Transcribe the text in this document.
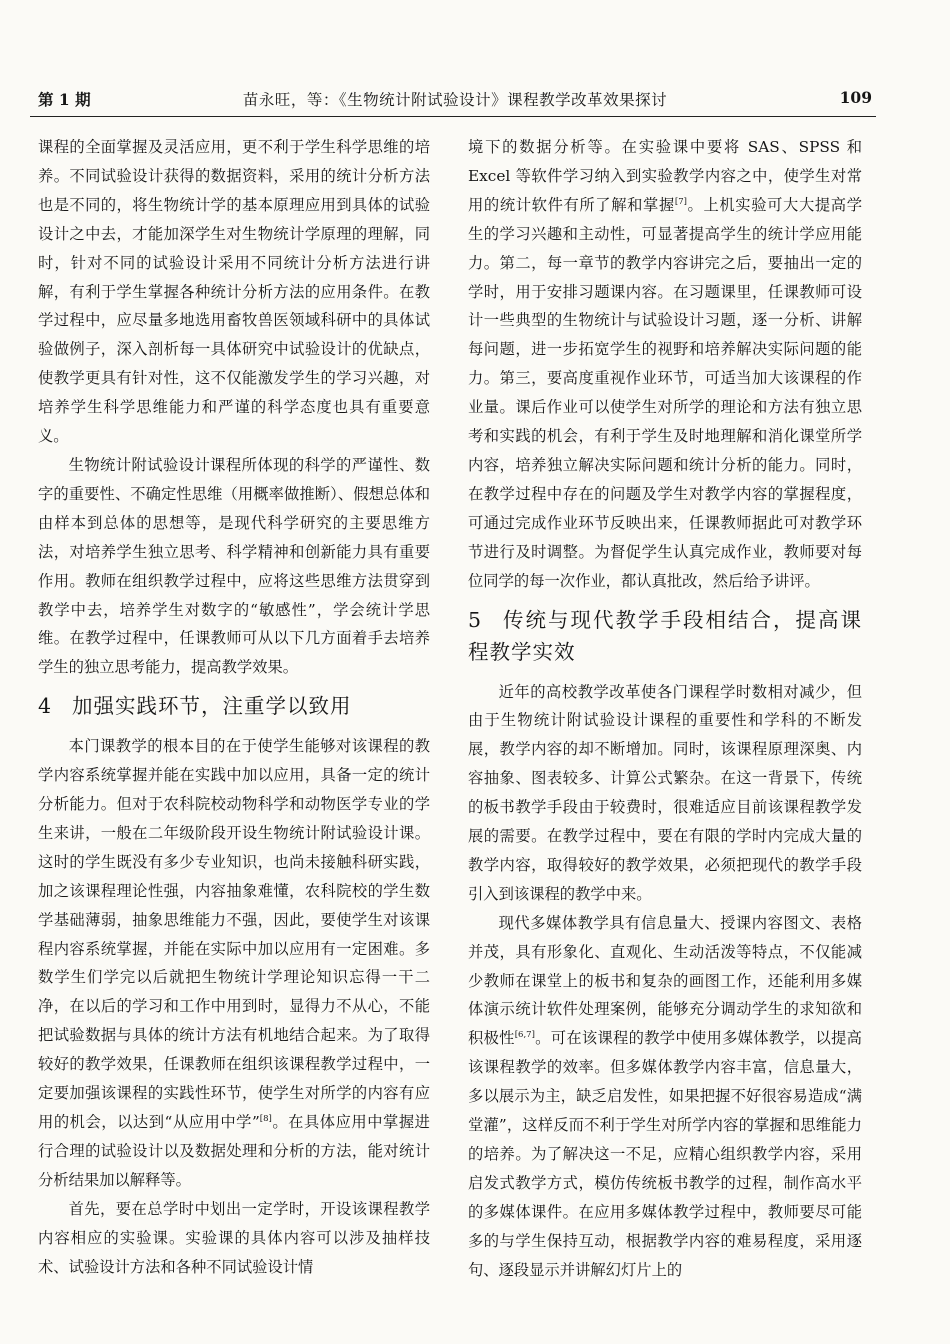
第 1 期	苗永旺，等：《生物统计附试验设计》课程教学改革效果探讨	109

课程的全面掌握及灵活应用，更不利于学生科学思维的培养。不同试验设计获得的数据资料，采用的统计分析方法也是不同的，将生物统计学的基本原理应用到具体的试验设计之中去，才能加深学生对生物统计学原理的理解，同时，针对不同的试验设计采用不同统计分析方法进行讲解，有利于学生掌握各种统计分析方法的应用条件。在教学过程中，应尽量多地选用畜牧兽医领域科研中的具体试验做例子，深入剖析每一具体研究中试验设计的优缺点，使教学更具有针对性，这不仅能激发学生的学习兴趣，对培养学生科学思维能力和严谨的科学态度也具有重要意义。

生物统计附试验设计课程所体现的科学的严谨性、数字的重要性、不确定性思维（用概率做推断）、假想总体和由样本到总体的思想等，是现代科学研究的主要思维方法，对培养学生独立思考、科学精神和创新能力具有重要作用。教师在组织教学过程中，应将这些思维方法贯穿到教学中去，培养学生对数字的“敏感性”，学会统计学思维。在教学过程中，任课教师可从以下几方面着手去培养学生的独立思考能力，提高教学效果。

4 加强实践环节，注重学以致用

本门课教学的根本目的在于使学生能够对该课程的教学内容系统掌握并能在实践中加以应用，具备一定的统计分析能力。但对于农科院校动物科学和动物医学专业的学生来讲，一般在二年级阶段开设生物统计附试验设计课。这时的学生既没有多少专业知识，也尚未接触科研实践，加之该课程理论性强，内容抽象难懂，农科院校的学生数学基础薄弱，抽象思维能力不强，因此，要使学生对该课程内容系统掌握，并能在实际中加以应用有一定困难。多数学生们学完以后就把生物统计学理论知识忘得一干二净，在以后的学习和工作中用到时，显得力不从心，不能把试验数据与具体的统计方法有机地结合起来。为了取得较好的教学效果，任课教师在组织该课程教学过程中，一定要加强该课程的实践性环节，使学生对所学的内容有应用的机会，以达到“从应用中学”[8]。在具体应用中掌握进行合理的试验设计以及数据处理和分析的方法，能对统计分析结果加以解释等。

首先，要在总学时中划出一定学时，开设该课程教学内容相应的实验课。实验课的具体内容可以涉及抽样技术、试验设计方法和各种不同试验设计情

境下的数据分析等。在实验课中要将 SAS、SPSS 和 Excel 等软件学习纳入到实验教学内容之中，使学生对常用的统计软件有所了解和掌握[7]。上机实验可大大提高学生的学习兴趣和主动性，可显著提高学生的统计学应用能力。第二，每一章节的教学内容讲完之后，要抽出一定的学时，用于安排习题课内容。在习题课里，任课教师可设计一些典型的生物统计与试验设计习题，逐一分析、讲解每问题，进一步拓宽学生的视野和培养解决实际问题的能力。第三，要高度重视作业环节，可适当加大该课程的作业量。课后作业可以使学生对所学的理论和方法有独立思考和实践的机会，有利于学生及时地理解和消化课堂所学内容，培养独立解决实际问题和统计分析的能力。同时，在教学过程中存在的问题及学生对教学内容的掌握程度，可通过完成作业环节反映出来，任课教师据此可对教学环节进行及时调整。为督促学生认真完成作业，教师要对每位同学的每一次作业，都认真批改，然后给予讲评。

5 传统与现代教学手段相结合，提高课程教学实效

近年的高校教学改革使各门课程学时数相对减少，但由于生物统计附试验设计课程的重要性和学科的不断发展，教学内容的却不断增加。同时，该课程原理深奥、内容抽象、图表较多、计算公式繁杂。在这一背景下，传统的板书教学手段由于较费时，很难适应目前该课程教学发展的需要。在教学过程中，要在有限的学时内完成大量的教学内容，取得较好的教学效果，必须把现代的教学手段引入到该课程的教学中来。

现代多媒体教学具有信息量大、授课内容图文、表格并茂，具有形象化、直观化、生动活泼等特点，不仅能减少教师在课堂上的板书和复杂的画图工作，还能利用多媒体演示统计软件处理案例，能够充分调动学生的求知欲和积极性[6,7]。可在该课程的教学中使用多媒体教学，以提高该课程教学的效率。但多媒体教学内容丰富，信息量大，多以展示为主，缺乏启发性，如果把握不好很容易造成“满堂灌”，这样反而不利于学生对所学内容的掌握和思维能力的培养。为了解决这一不足，应精心组织教学内容，采用启发式教学方式，模仿传统板书教学的过程，制作高水平的多媒体课件。在应用多媒体教学过程中，教师要尽可能多的与学生保持互动，根据教学内容的难易程度，采用逐句、逐段显示并讲解幻灯片上的
